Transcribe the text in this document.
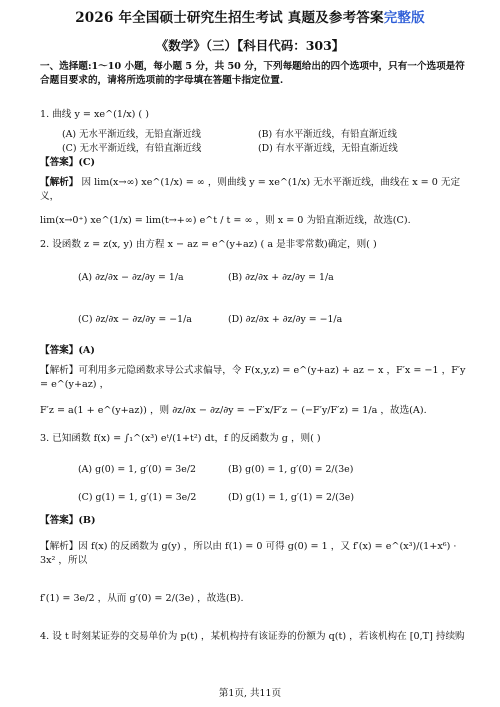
2026 年全国硕士研究生招生考试 真题及参考答案完整版
《数学》（三）【科目代码：303】
一、选择题:1～10 小题，每小题 5 分，共 50 分，下列每题给出的四个选项中，只有一个选项是符
合题目要求的，请将所选项前的字母填在答题卡指定位置.
1. 曲线 y = xe^(1/x) ( )
(A) 无水平渐近线，无铅直渐近线	(B) 有水平渐近线，有铅直渐近线
(C) 无水平渐近线，有铅直渐近线	(D) 有水平渐近线，无铅直渐近线
【答案】(C)
【解析】 因 lim(x→∞) xe^(1/x) = ∞ ，则曲线 y = xe^(1/x) 无水平渐近线，曲线在 x = 0 无定义，
lim(x→0⁺) xe^(1/x) = lim(t→+∞) e^t / t = ∞ ，则 x = 0 为铅直渐近线，故选(C).
2. 设函数 z = z(x, y) 由方程 x − az = e^(y+az) ( a 是非零常数)确定，则( )
(A) ∂z/∂x − ∂z/∂y = 1/a	(B) ∂z/∂x + ∂z/∂y = 1/a
(C) ∂z/∂x − ∂z/∂y = −1/a	(D) ∂z/∂x + ∂z/∂y = −1/a
【答案】(A)
【解析】可利用多元隐函数求导公式求偏导，令 F(x,y,z) = e^(y+az) + az − x ，F′x = −1 ，F′y = e^(y+az) ，
F′z = a(1 + e^(y+az)) ，则 ∂z/∂x − ∂z/∂y = −F′x/F′z − (−F′y/F′z) = 1/a ，故选(A).
3. 已知函数 f(x) = ∫₁^(x³) eᵗ/(1+t²) dt，f 的反函数为 g ，则( )
(A) g(0) = 1, g′(0) = 3e/2	(B) g(0) = 1, g′(0) = 2/(3e)
(C) g(1) = 1, g′(1) = 3e/2	(D) g(1) = 1, g′(1) = 2/(3e)
【答案】(B)
【解析】因 f(x) 的反函数为 g(y) ，所以由 f(1) = 0 可得 g(0) = 1 ，又 f′(x) = e^(x³)/(1+x⁶) · 3x² ，所以
f′(1) = 3e/2 ，从而 g′(0) = 2/(3e) ，故选(B).
4. 设 t 时刻某证券的交易单价为 p(t) ，某机构持有该证券的份额为 q(t) ，若该机构在 [0,T] 持续购
第1页, 共11页
